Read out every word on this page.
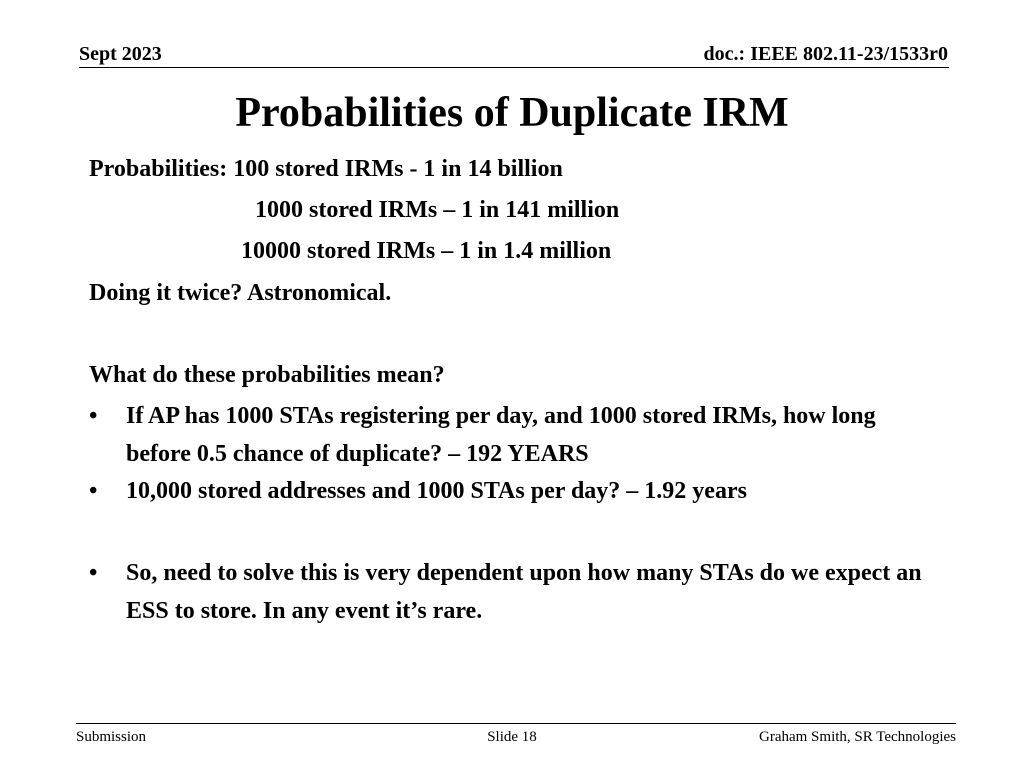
Sept 2023	doc.: IEEE 802.11-23/1533r0
Probabilities of Duplicate IRM
Probabilities: 100 stored IRMs - 1 in 14 billion
1000 stored IRMs – 1 in 141 million
10000 stored IRMs – 1 in 1.4 million
Doing it twice? Astronomical.
What do these probabilities mean?
• If AP has 1000 STAs registering per day, and 1000 stored IRMs, how long before 0.5 chance of duplicate? – 192 YEARS
• 10,000 stored addresses and 1000 STAs per day? – 1.92 years
• So, need to solve this is very dependent upon how many STAs do we expect an ESS to store. In any event it’s rare.
Submission	Slide 18	Graham Smith, SR Technologies
